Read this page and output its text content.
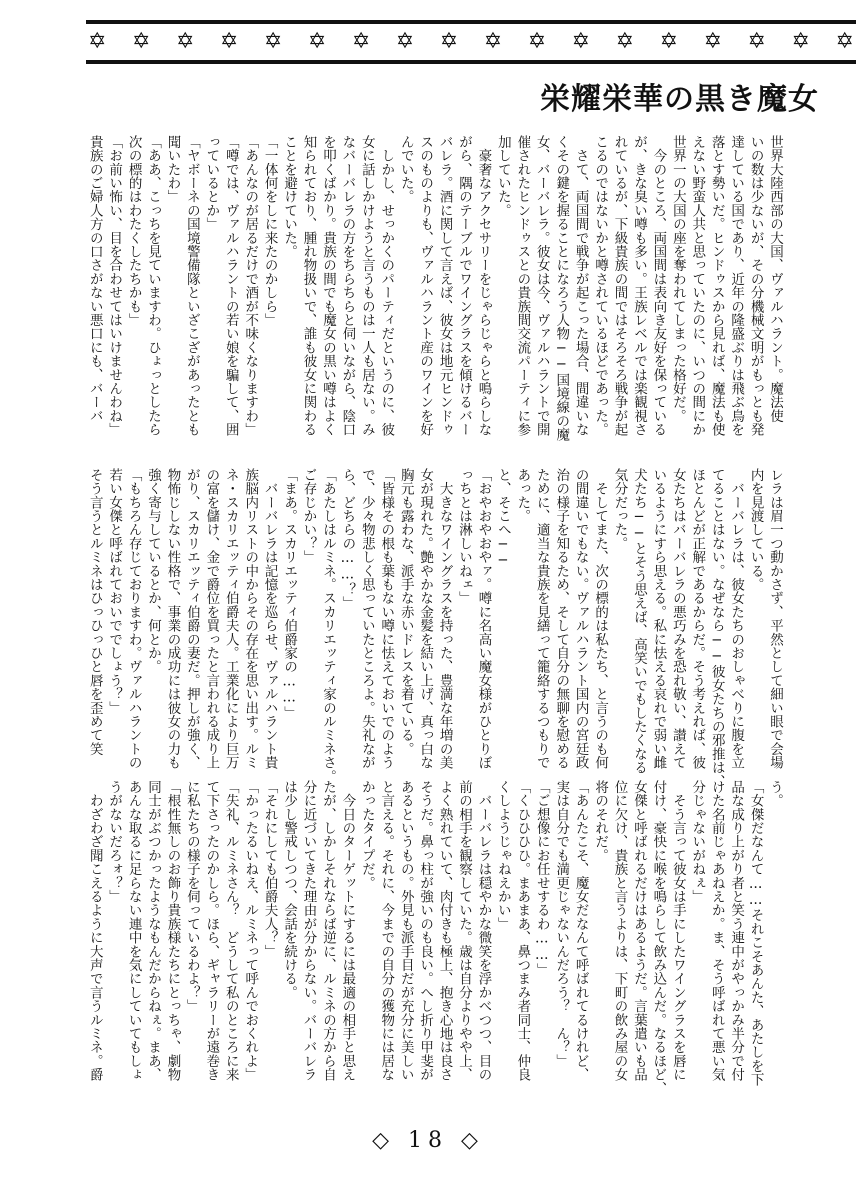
✡ ✡ ✡ ✡ ✡ ✡ ✡ ✡ ✡ ✡ ✡ ✡ ✡ ✡ ✡ ✡ ✡ ✡
栄耀栄華の黒き魔女
世界大陸西部の大国、ヴァルハラント。魔法使
いの数は少ないが、その分機械文明がもっとも発
達している国であり、近年の隆盛ぶりは飛ぶ鳥を
落とす勢いだ。ヒンドゥスから見れば、魔法も使
えない野蛮人共と思っていたのに、いつの間にか
世界一の大国の座を奪われてしまった格好だ。
　今のところ、両国間は表向き友好を保っている
が、きな臭い噂も多い。王族レベルでは楽観視さ
れているが、下級貴族の間ではそろそろ戦争が起
こるのではないかと噂されているほどであった。
　さて、両国間で戦争が起こった場合、間違いな
くその鍵を握ることになろう人物──国境線の魔
女、バーバレラ。彼女は今、ヴァルハラントで開
催されたヒンドゥスとの貴族間交流パーティに参
加していた。
　豪奢なアクセサリーをじゃらじゃらと鳴らしな
がら、隅のテーブルでワイングラスを傾けるバー
バレラ。酒に関して言えば、彼女は地元ヒンドゥ
スのものよりも、ヴァルハラント産のワインを好
んでいた。
　しかし、せっかくのパーティだというのに、彼
女に話しかけようと言うものは一人も居ない。み
なバーバレラの方をちらちらと伺いながら、陰口
を叩くばかり。貴族の間でも魔女の黒い噂はよく
知られており、腫れ物扱いで、誰も彼女に関わる
ことを避けていた。
「一体何をしに来たのかしら」
「あんなのが居るだけで酒が不味くなりますわ」
「噂では、ヴァルハラントの若い娘を騙して、囲
っているとか」
「ヤボーネの国境警備隊といざこざがあったとも
聞いたわ」
「ああ、こっちを見ていますわ。ひょっとしたら
次の標的はわたくしたちかも」
「お前い怖い、目を合わせてはいけませんわね」
貴族のご婦人方の口さがない悪口にも、バーバ
レラは眉一つ動かさず、平然として細い眼で会場
内を見渡している。
　バーバレラは、彼女たちのおしゃべりに腹を立
てることはない。なぜなら──彼女たちの邪推は、
ほとんどが正解であるからだ。そう考えれば、彼
女たちはバーバレラの悪巧みを恐れ敬い、讃えて
いるようにすら思える。私に怯える哀れで弱い雌
犬たち──とそう思えば、高笑いでもしたくなる
気分だった。
　そしてまた、次の標的は私たち、と言うのも何
の間違いでもない。ヴァルハラント国内の宮廷政
治の様子を知るため、そして自分の無聊を慰める
ために、適当な貴族を見繕って籠絡するつもりで
あった。
と、そこへ──
「おやおやおやァ。噂に名高い魔女様がひとりぼ
っちとは淋しいねェ」
　大きなワイングラスを持った、豊満な年増の美
女が現れた。艶やかな金髪を結い上げ、真っ白な
胸元も露わな、派手な赤いドレスを着ている。
「皆様その根も葉もない噂に怯えておいでのよう
で、少々物悲しく思っていたところよ。失礼なが
ら、どちらの……？」
「あたしはルミネ。スカリエッティ家のルミネさ。
ご存じかい？」
「まあ。スカリエッティ伯爵家の……」
　バーバレラは記憶を巡らせ、ヴァルハラント貴
族脳内リストの中からその存在を思い出す。ルミ
ネ・スカリエッティ伯爵夫人。工業化により巨万
の富を儲け、金で爵位を買ったと言われる成り上
がり、スカリエッティ伯爵の妻だ。押しが強く、
物怖じしない性格で、事業の成功には彼女の力も
強く寄与しているとか、何とか。
「もちろん存じておりますわ。ヴァルハラントの
若い女傑と呼ばれておいででしょう？」
そう言うとルミネはひっひっひと唇を歪めて笑
う。
「女傑だなんて……それこそあんた、あたしを下
品な成り上がり者と笑う連中がやっかみ半分で付
けた名前じゃあねえか。ま、そう呼ばれて悪い気
分じゃないがねぇ」
　そう言って彼女は手にしたワイングラスを唇に
付け、豪快に喉を鳴らして飲み込んだ。なるほど、
女傑と呼ばれるだけはあるようだ。言葉遣いも品
位に欠け、貴族と言うよりは、下町の飲み屋の女
将のそれだ。
「あんたこそ、魔女だなんて呼ばれてるけれど、
実は自分でも満更じゃないんだろう？　ん？」
「ご想像にお任せするわ……」
「くひひひひ。まあまあ、鼻つまみ者同士、仲良
くしようじゃねえかい」
　バーバレラは穏やかな微笑を浮かべつつ、目の
前の相手を観察していた。歳は自分よりやや上、
よく熟れていて、肉付きも極上、抱き心地は良さ
そうだ。鼻っ柱が強いのも良い。へし折り甲斐が
あるというもの。外見も派手目だが充分に美しい
と言える。それに、今までの自分の獲物には居な
かったタイプだ。
　今日のターゲットにするには最適の相手と思え
たが、しかしそれならば逆に、ルミネの方から自
分に近づいてきた理由が分からない。バーバレラ
は少し警戒しつつ、会話を続ける。
「それにしても伯爵夫人？」
「かったるいねえ、ルミネって呼んでおくれよ」
「失礼、ルミネさん？　どうして私のところに来
て下さったのかしら。ほら、ギャラリーが遠巻き
に私たちの様子を伺っているわよ？」
「根性無しのお飾り貴族様たちにとっちゃ、劇物
同士がぶつかったようなもんだからねぇ。まあ、
あんな取るに足らない連中を気にしていてもしょ
うがないだろォ？」
　わざわざ聞こえるように大声で言うルミネ。爵
◇ 18 ◇
